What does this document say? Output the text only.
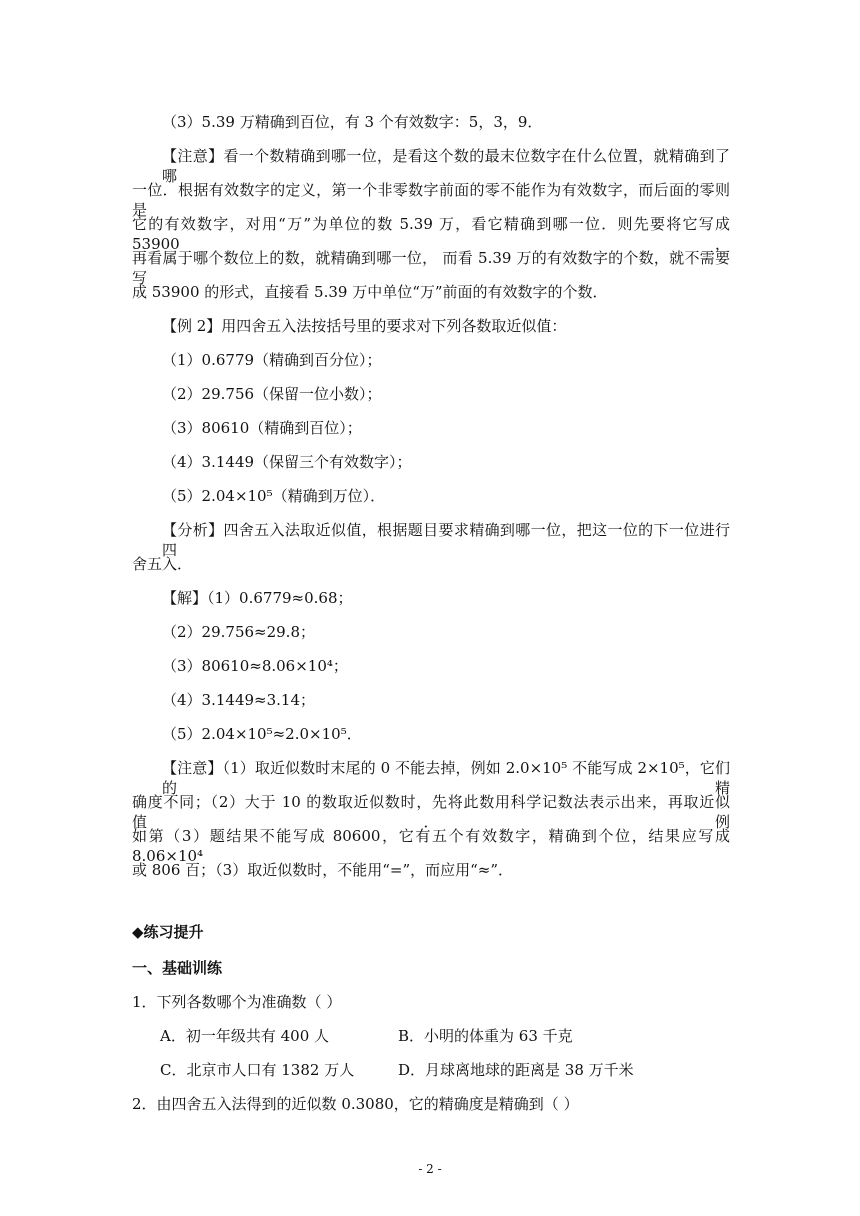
（3）5.39 万精确到百位，有 3 个有效数字：5，3，9．
【注意】看一个数精确到哪一位，是看这个数的最末位数字在什么位置，就精确到了哪
一位．根据有效数字的定义，第一个非零数字前面的零不能作为有效数字，而后面的零则是
它的有效数字，对用“万”为单位的数 5.39 万，看它精确到哪一位．则先要将它写成 53900，
再看属于哪个数位上的数，就精确到哪一位， 而看 5.39 万的有效数字的个数，就不需要写
成 53900 的形式，直接看 5.39 万中单位“万”前面的有效数字的个数．
【例 2】用四舍五入法按括号里的要求对下列各数取近似值：
（1）0.6779（精确到百分位）；
（2）29.756（保留一位小数）；
（3）80610（精确到百位）；
（4）3.1449（保留三个有效数字）；
（5）2.04×10⁵（精确到万位）．
【分析】四舍五入法取近似值，根据题目要求精确到哪一位，把这一位的下一位进行四
舍五入．
【解】（1）0.6779≈0.68；
（2）29.756≈29.8；
（3）80610≈8.06×10⁴；
（4）3.1449≈3.14；
（5）2.04×10⁵≈2.0×10⁵．
【注意】（1）取近似数时末尾的 0 不能去掉，例如 2.0×10⁵ 不能写成 2×10⁵，它们的精
确度不同；（2）大于 10 的数取近似数时，先将此数用科学记数法表示出来，再取近似值．例
如第（3）题结果不能写成 80600，它有五个有效数字，精确到个位，结果应写成 8.06×10⁴
或 806 百；（3）取近似数时，不能用“=”，而应用“≈”．
◆练习提升
一、基础训练
1．下列各数哪个为准确数（ ）
A．初一年级共有 400 人	B．小明的体重为 63 千克
C．北京市人口有 1382 万人	D．月球离地球的距离是 38 万千米
2．由四舍五入法得到的近似数 0.3080，它的精确度是精确到（ ）
- 2 -
